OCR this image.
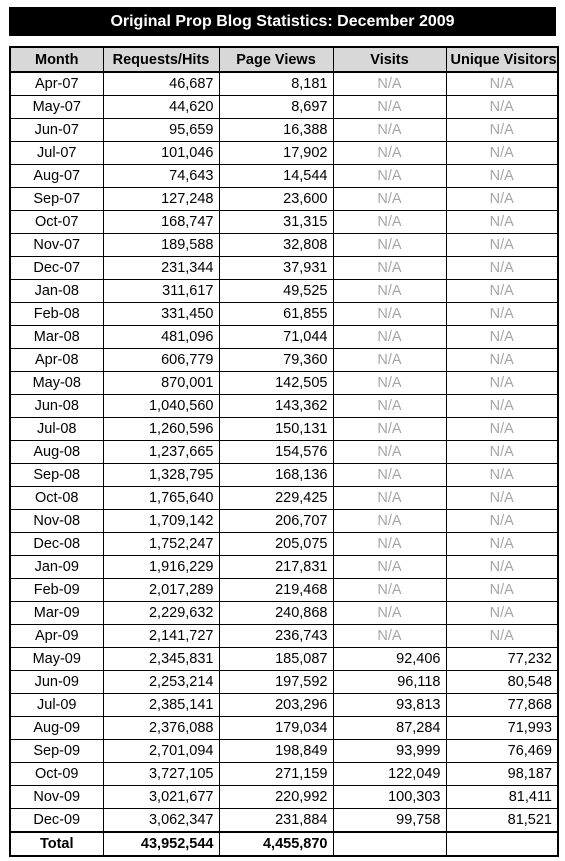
Original Prop Blog Statistics: December 2009
Month	Requests/Hits	Page Views	Visits	Unique Visitors
Apr-07	46,687	8,181	N/A	N/A
May-07	44,620	8,697	N/A	N/A
Jun-07	95,659	16,388	N/A	N/A
Jul-07	101,046	17,902	N/A	N/A
Aug-07	74,643	14,544	N/A	N/A
Sep-07	127,248	23,600	N/A	N/A
Oct-07	168,747	31,315	N/A	N/A
Nov-07	189,588	32,808	N/A	N/A
Dec-07	231,344	37,931	N/A	N/A
Jan-08	311,617	49,525	N/A	N/A
Feb-08	331,450	61,855	N/A	N/A
Mar-08	481,096	71,044	N/A	N/A
Apr-08	606,779	79,360	N/A	N/A
May-08	870,001	142,505	N/A	N/A
Jun-08	1,040,560	143,362	N/A	N/A
Jul-08	1,260,596	150,131	N/A	N/A
Aug-08	1,237,665	154,576	N/A	N/A
Sep-08	1,328,795	168,136	N/A	N/A
Oct-08	1,765,640	229,425	N/A	N/A
Nov-08	1,709,142	206,707	N/A	N/A
Dec-08	1,752,247	205,075	N/A	N/A
Jan-09	1,916,229	217,831	N/A	N/A
Feb-09	2,017,289	219,468	N/A	N/A
Mar-09	2,229,632	240,868	N/A	N/A
Apr-09	2,141,727	236,743	N/A	N/A
May-09	2,345,831	185,087	92,406	77,232
Jun-09	2,253,214	197,592	96,118	80,548
Jul-09	2,385,141	203,296	93,813	77,868
Aug-09	2,376,088	179,034	87,284	71,993
Sep-09	2,701,094	198,849	93,999	76,469
Oct-09	3,727,105	271,159	122,049	98,187
Nov-09	3,021,677	220,992	100,303	81,411
Dec-09	3,062,347	231,884	99,758	81,521
Total	43,952,544	4,455,870		
